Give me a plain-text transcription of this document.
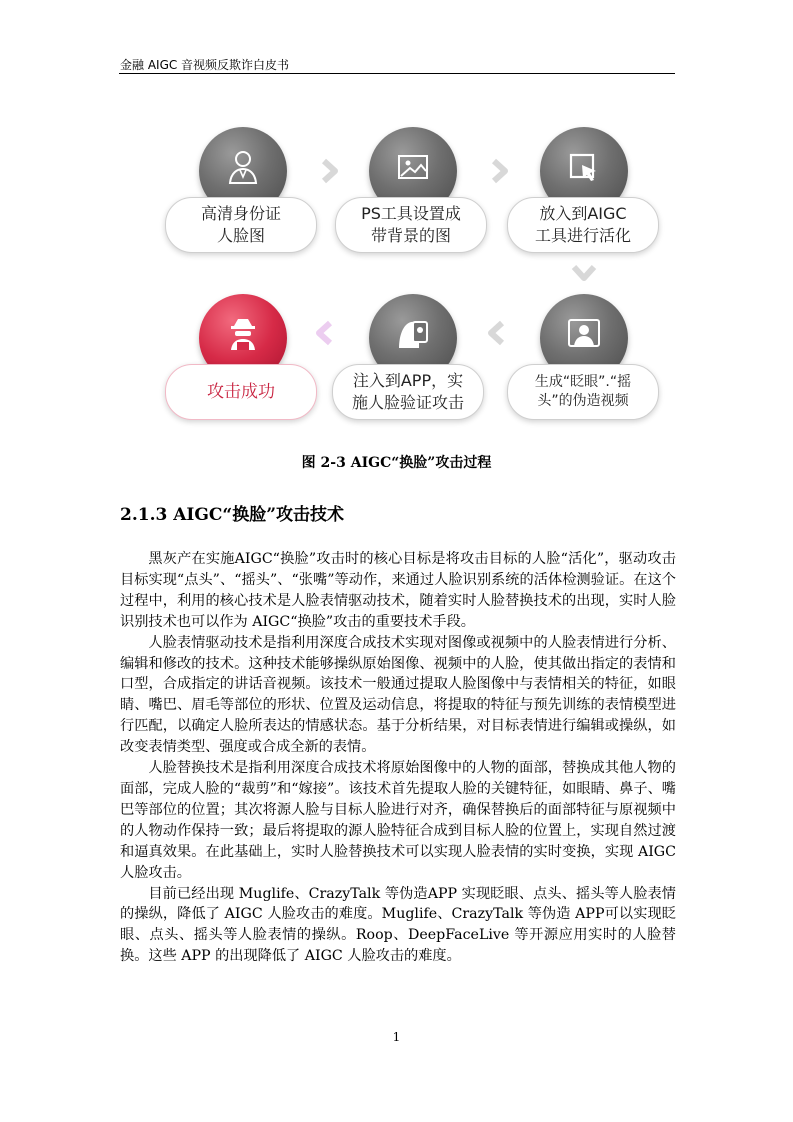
金融 AIGC 音视频反欺诈白皮书
高清身份证
人脸图
PS工具设置成
带背景的图
放入到AIGC
工具进行活化
攻击成功
注入到APP，实
施人脸验证攻击
生成“眨眼”.“摇
头”的伪造视频
图 2-3 AIGC“换脸”攻击过程
2.1.3 AIGC“换脸”攻击技术

黑灰产在实施AIGC“换脸”攻击时的核心目标是将攻击目标的人脸“活化”，驱动攻击目标实现“点头”、“摇头”、“张嘴”等动作，来通过人脸识别系统的活体检测验证。在这个过程中，利用的核心技术是人脸表情驱动技术，随着实时人脸替换技术的出现，实时人脸识别技术也可以作为 AIGC“换脸”攻击的重要技术手段。

人脸表情驱动技术是指利用深度合成技术实现对图像或视频中的人脸表情进行分析、编辑和修改的技术。这种技术能够操纵原始图像、视频中的人脸，使其做出指定的表情和口型，合成指定的讲话音视频。该技术一般通过提取人脸图像中与表情相关的特征，如眼睛、嘴巴、眉毛等部位的形状、位置及运动信息，将提取的特征与预先训练的表情模型进行匹配，以确定人脸所表达的情感状态。基于分析结果，对目标表情进行编辑或操纵，如改变表情类型、强度或合成全新的表情。

人脸替换技术是指利用深度合成技术将原始图像中的人物的面部，替换成其他人物的面部，完成人脸的“裁剪”和“嫁接”。该技术首先提取人脸的关键特征，如眼睛、鼻子、嘴巴等部位的位置；其次将源人脸与目标人脸进行对齐，确保替换后的面部特征与原视频中的人物动作保持一致；最后将提取的源人脸特征合成到目标人脸的位置上，实现自然过渡和逼真效果。在此基础上，实时人脸替换技术可以实现人脸表情的实时变换，实现 AIGC 人脸攻击。

目前已经出现 Muglife、CrazyTalk 等伪造APP 实现眨眼、点头、摇头等人脸表情的操纵，降低了 AIGC 人脸攻击的难度。Muglife、CrazyTalk 等伪造 APP可以实现眨眼、点头、摇头等人脸表情的操纵。Roop、DeepFaceLive 等开源应用实时的人脸替换。这些 APP 的出现降低了 AIGC 人脸攻击的难度。

1
